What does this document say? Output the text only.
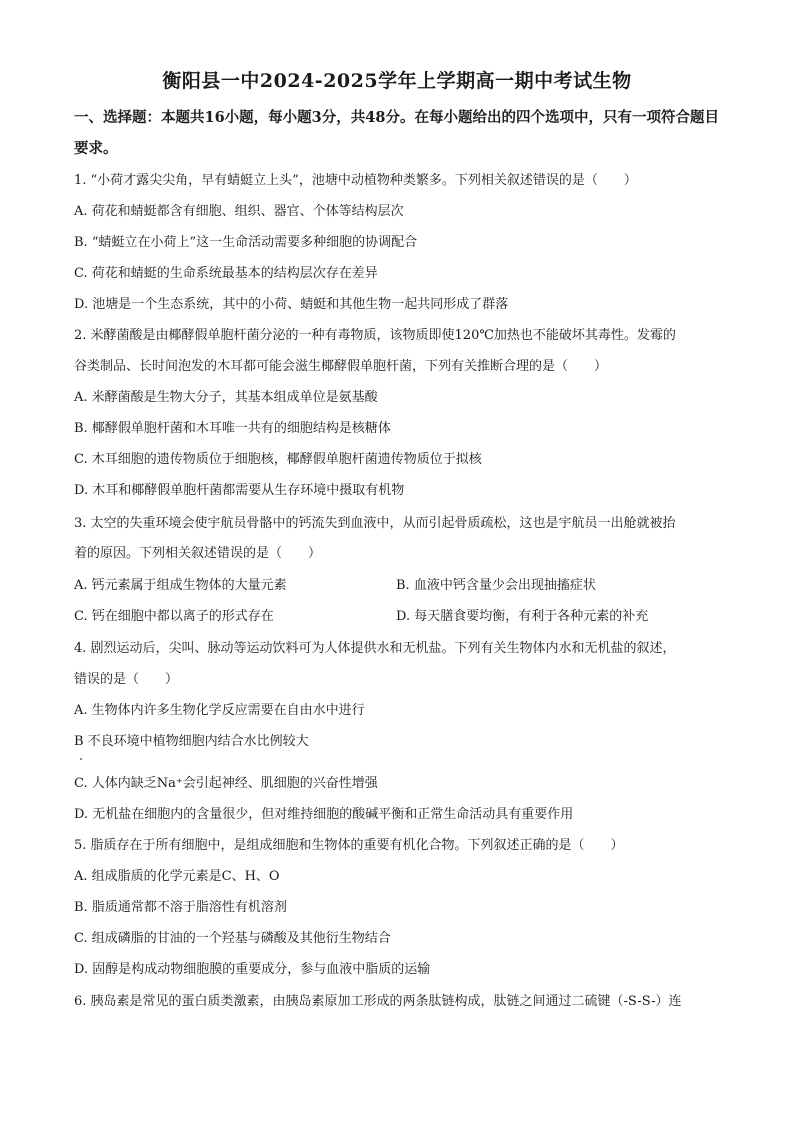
衡阳县一中2024-2025学年上学期高一期中考试生物
一、选择题：本题共16小题，每小题3分，共48分。在每小题给出的四个选项中，只有一项符合题目要求。
1. “小荷才露尖尖角，早有蜻蜓立上头”，池塘中动植物种类繁多。下列相关叙述错误的是（　　）
A. 荷花和蜻蜓都含有细胞、组织、器官、个体等结构层次
B. “蜻蜓立在小荷上”这一生命活动需要多种细胞的协调配合
C. 荷花和蜻蜓的生命系统最基本的结构层次存在差异
D. 池塘是一个生态系统，其中的小荷、蜻蜓和其他生物一起共同形成了群落
2. 米酵菌酸是由椰酵假单胞杆菌分泌的一种有毒物质，该物质即使120℃加热也不能破坏其毒性。发霉的
谷类制品、长时间泡发的木耳都可能会滋生椰酵假单胞杆菌，下列有关推断合理的是（　　）
A. 米酵菌酸是生物大分子，其基本组成单位是氨基酸
B. 椰酵假单胞杆菌和木耳唯一共有的细胞结构是核糖体
C. 木耳细胞的遗传物质位于细胞核，椰酵假单胞杆菌遗传物质位于拟核
D. 木耳和椰酵假单胞杆菌都需要从生存环境中摄取有机物
3. 太空的失重环境会使宇航员骨骼中的钙流失到血液中，从而引起骨质疏松，这也是宇航员一出舱就被抬
着的原因。下列相关叙述错误的是（　　）
A. 钙元素属于组成生物体的大量元素	B. 血液中钙含量少会出现抽搐症状
C. 钙在细胞中都以离子的形式存在	D. 每天膳食要均衡，有利于各种元素的补充
4. 剧烈运动后，尖叫、脉动等运动饮料可为人体提供水和无机盐。下列有关生物体内水和无机盐的叙述，
错误的是（　　）
A. 生物体内许多生物化学反应需要在自由水中进行
B 不良环境中植物细胞内结合水比例较大
C. 人体内缺乏Na⁺会引起神经、肌细胞的兴奋性增强
D. 无机盐在细胞内的含量很少，但对维持细胞的酸碱平衡和正常生命活动具有重要作用
5. 脂质存在于所有细胞中，是组成细胞和生物体的重要有机化合物。下列叙述正确的是（　　）
A. 组成脂质的化学元素是C、H、O
B. 脂质通常都不溶于脂溶性有机溶剂
C. 组成磷脂的甘油的一个羟基与磷酸及其他衍生物结合
D. 固醇是构成动物细胞膜的重要成分，参与血液中脂质的运输
6. 胰岛素是常见的蛋白质类激素，由胰岛素原加工形成的两条肽链构成，肽链之间通过二硫键（-S-S-）连
